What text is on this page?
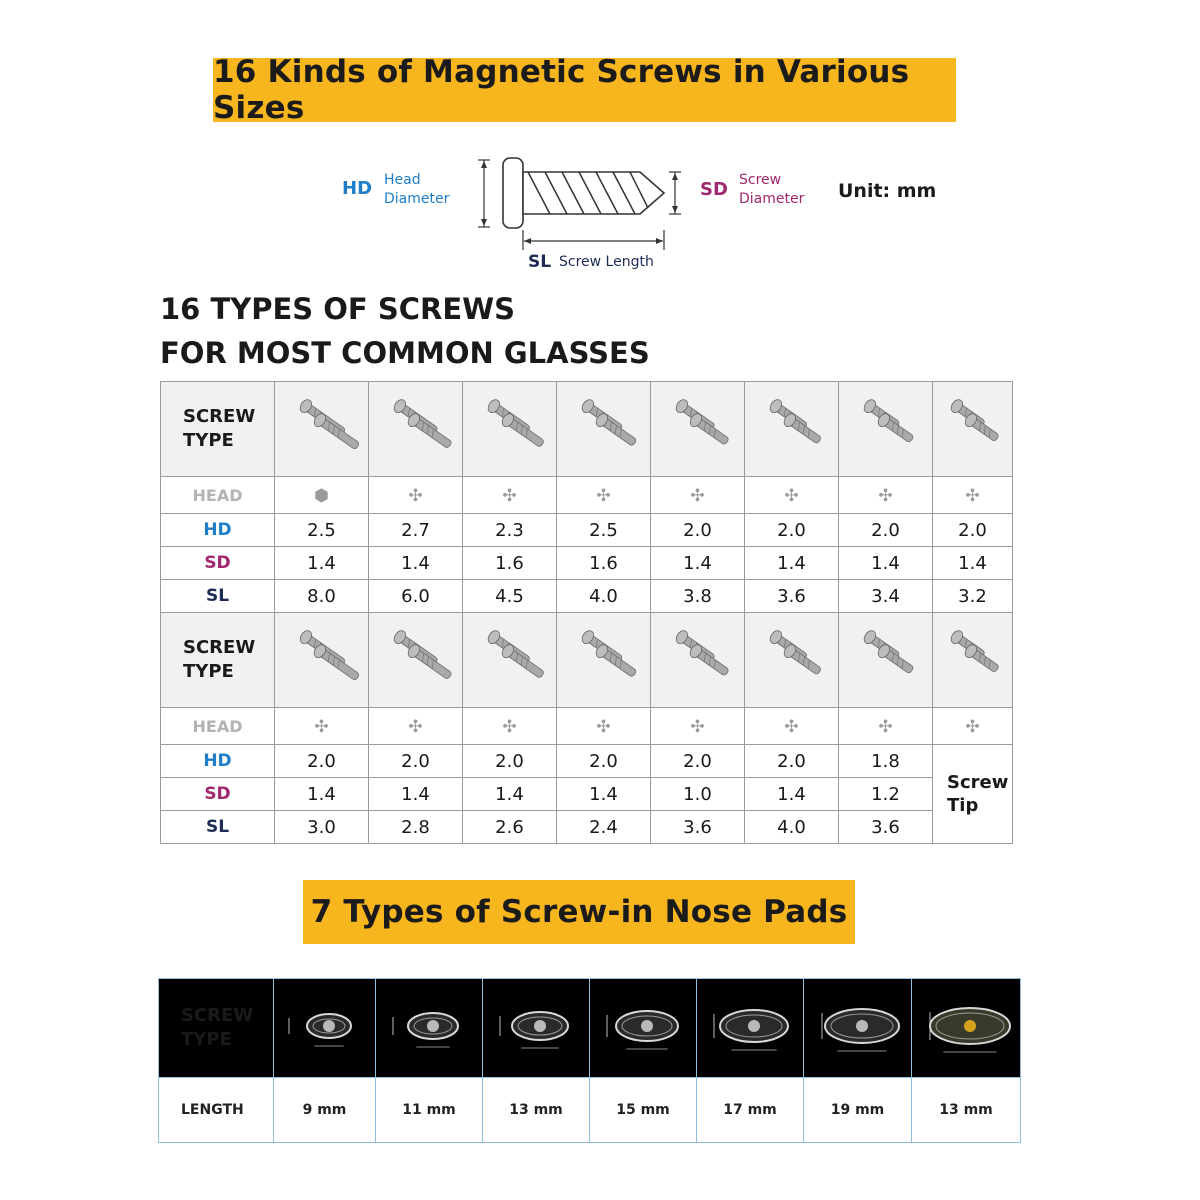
16 Kinds of Magnetic Screws in Various Sizes
HD Head
Diameter	SD Screw
Diameter Unit: mm
SL Screw Length
16 TYPES OF SCREWS
FOR MOST COMMON GLASSES
SCREW
TYPE

HEAD	⬢	✣	✣	✣	✣	✣	✣	✣
HD	2.5	2.7	2.3	2.5	2.0	2.0	2.0	2.0
SD	1.4	1.4	1.6	1.6	1.4	1.4	1.4	1.4
SL	8.0	6.0	4.5	4.0	3.8	3.6	3.4	3.2

SCREW
TYPE

HEAD	✣	✣	✣	✣	✣	✣	✣	✣
HD	2.0	2.0	2.0	2.0	2.0	2.0	1.8	Screw
Tip

SD	1.4	1.4	1.4	1.4	1.0	1.4	1.2	
SL	3.0	2.8	2.6	2.4	3.6	4.0	3.6	
7 Types of Screw-in Nose Pads
SCREW
TYPE

LENGTH	9 mm	11 mm	13 mm	15 mm	17 mm	19 mm	13 mm
